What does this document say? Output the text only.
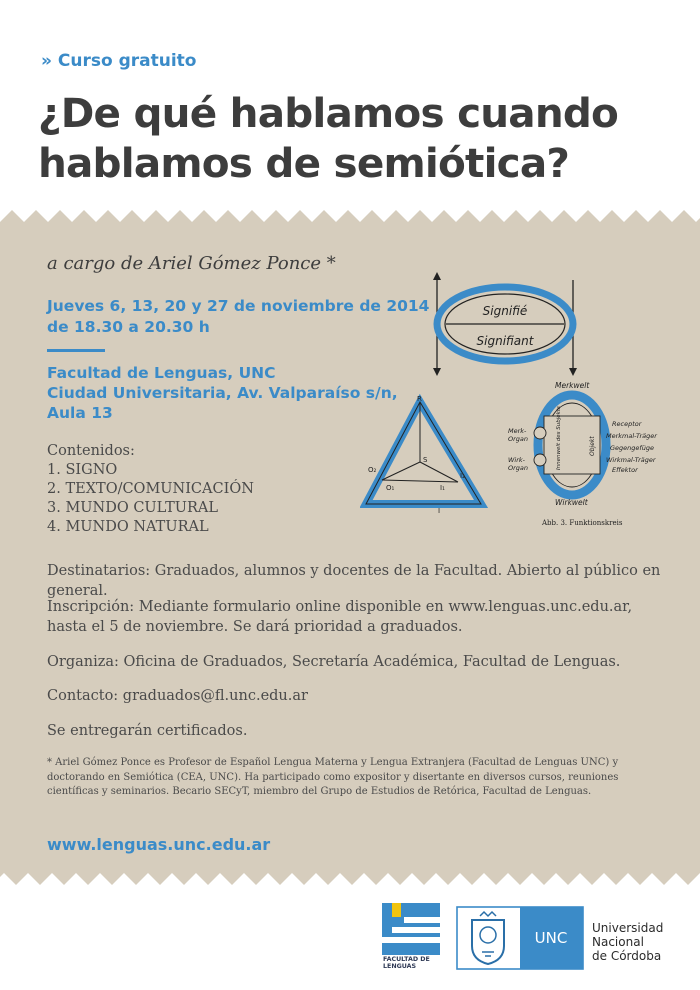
» Curso gratuito
¿De qué hablamos cuando
hablamos de semiótica?
a cargo de Ariel Gómez Ponce *
Jueves 6, 13, 20 y 27 de noviembre de 2014
de 18.30 a 20.30 h
Facultad de Lenguas, UNC
Ciudad Universitaria, Av. Valparaíso s/n,
Aula 13
Contenidos:
1. SIGNO
2. TEXTO/COMUNICACIÓN
3. MUNDO CULTURAL
4. MUNDO NATURAL
Destinatarios: Graduados, alumnos y docentes de la Facultad. Abierto al público en general.
Inscripción: Mediante formulario online disponible en www.lenguas.unc.edu.ar,
hasta el 5 de noviembre. Se dará prioridad a graduados.
Organiza: Oficina de Graduados, Secretaría Académica, Facultad de Lenguas.
Contacto: graduados@fl.unc.edu.ar
Se entregarán certificados.
* Ariel Gómez Ponce es Profesor de Español Lengua Materna y Lengua Extranjera (Facultad de Lenguas UNC) y
doctorando en Semiótica (CEA, UNC). Ha participado como expositor y disertante en diversos cursos, reuniones
científicas y seminarios. Becario SECyT, miembro del Grupo de Estudios de Retórica, Facultad de Lenguas.
www.lenguas.unc.edu.ar
Signifié
Signifiant
R
S
O₂
O₁	I₁
I₂
I
Merkwelt
Merk-
Organ
Wirk-
Organ	Innenwelt des Subjekts	Objekt
Receptor
Merkmal-Träger
Gegengefüge
Wirkmal-Träger
Effektor
Wirkwelt
Abb. 3. Funktionskreis
FACULTAD DE
LENGUAS
UNC
Universidad
Nacional
de Córdoba
